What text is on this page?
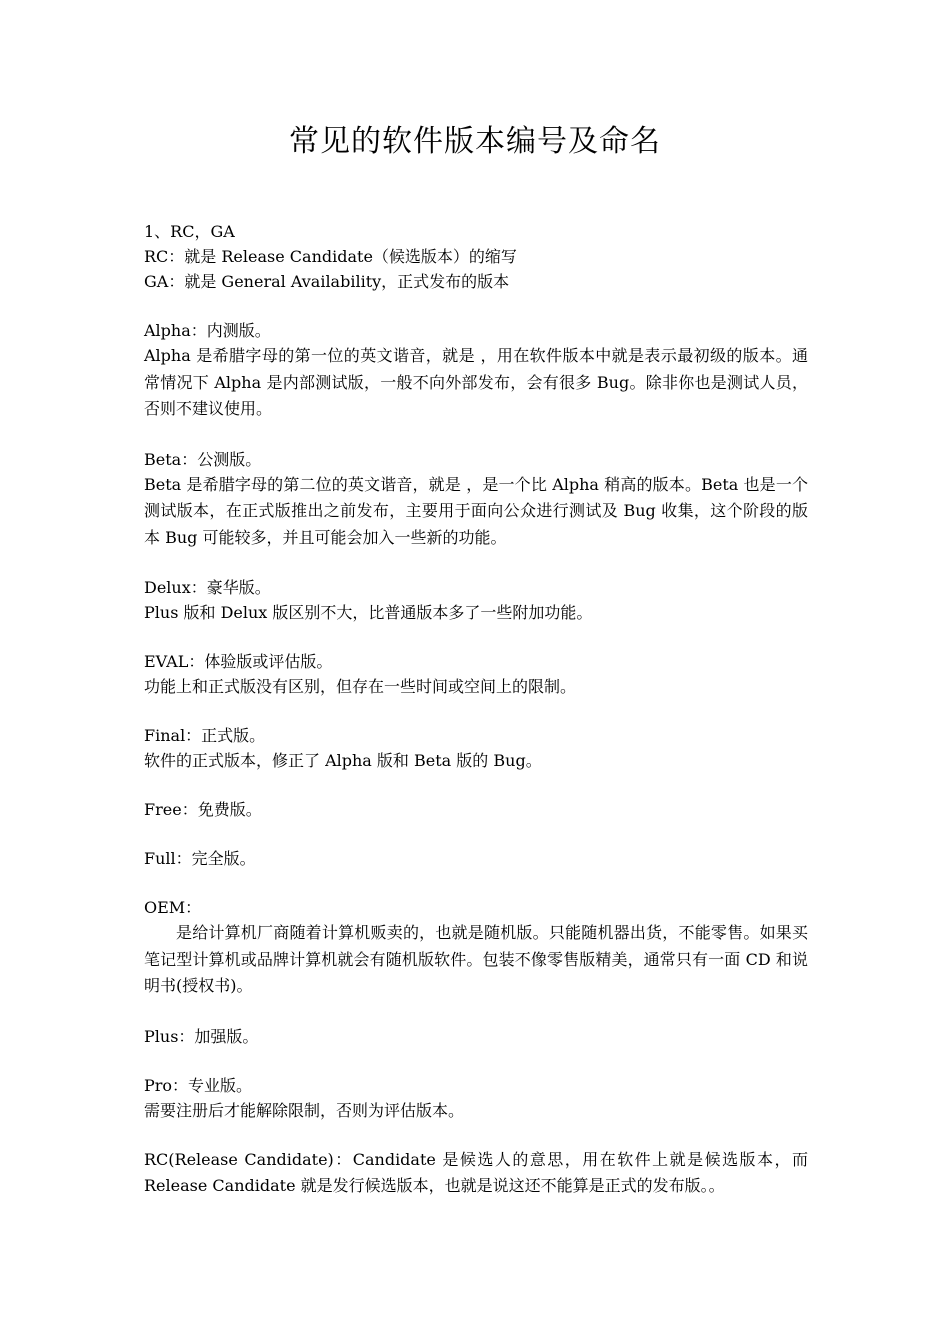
常见的软件版本编号及命名
1、RC，GA
RC：就是 Release Candidate（候选版本）的缩写
GA：就是 General Availability，正式发布的版本
Alpha：内测版。
Alpha 是希腊字母的第一位的英文谐音，就是 ，用在软件版本中就是表示最初级的版本。通常情况下 Alpha 是内部测试版，一般不向外部发布，会有很多 Bug。除非你也是测试人员，否则不建议使用。
Beta：公测版。
Beta 是希腊字母的第二位的英文谐音，就是 ，是一个比 Alpha 稍高的版本。Beta 也是一个测试版本，在正式版推出之前发布，主要用于面向公众进行测试及 Bug 收集，这个阶段的版本 Bug 可能较多，并且可能会加入一些新的功能。
Delux：豪华版。
Plus 版和 Delux 版区别不大，比普通版本多了一些附加功能。
EVAL：体验版或评估版。
功能上和正式版没有区别，但存在一些时间或空间上的限制。
Final：正式版。
软件的正式版本，修正了 Alpha 版和 Beta 版的 Bug。
Free：免费版。
Full：完全版。
OEM：
是给计算机厂商随着计算机贩卖的，也就是随机版。只能随机器出货，不能零售。如果买笔记型计算机或品牌计算机就会有随机版软件。包装不像零售版精美，通常只有一面 CD 和说明书(授权书)。
Plus：加强版。
Pro：专业版。
需要注册后才能解除限制，否则为评估版本。
RC(Release Candidate)：Candidate 是候选人的意思，用在软件上就是候选版本，而 Release Candidate 就是发行候选版本，也就是说这还不能算是正式的发布版。。
